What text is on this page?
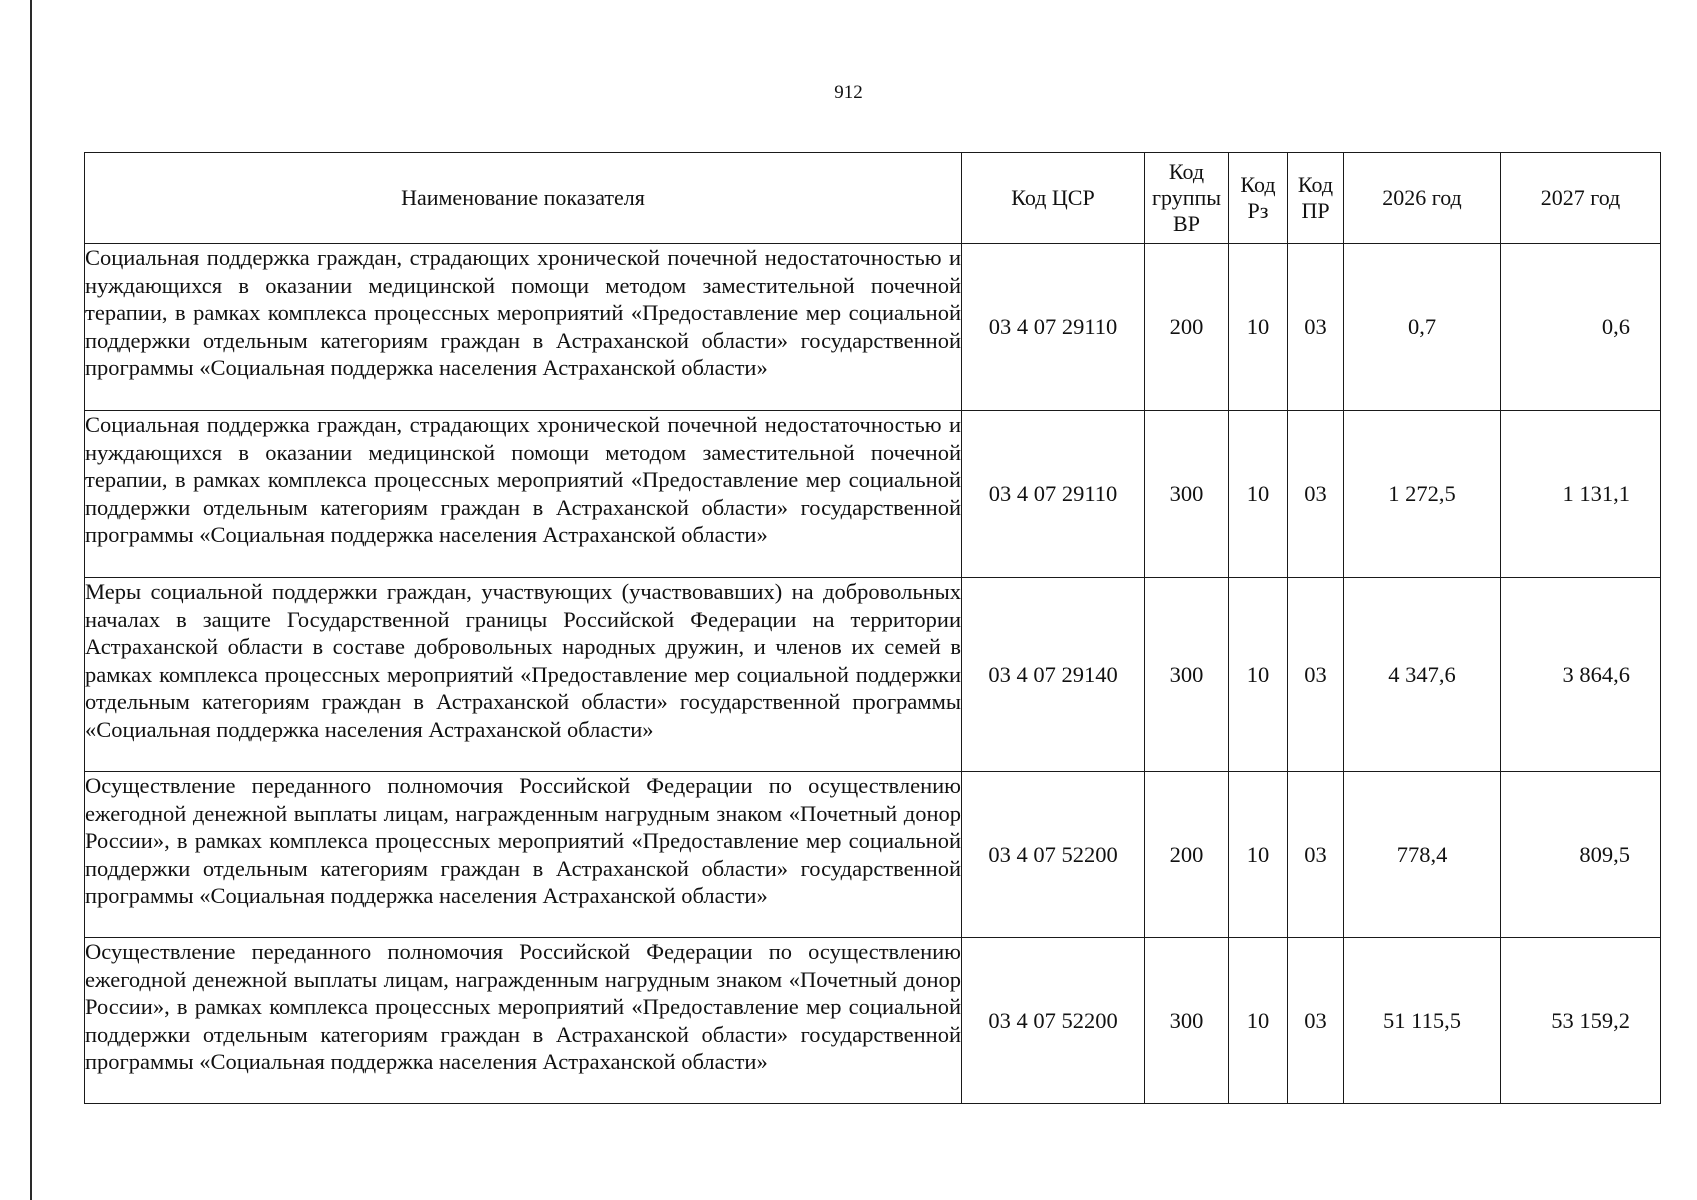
912
Наименование показателя	Код ЦСР	Код группы ВР	Код Рз	Код ПР	2026 год	2027 год
Социальная поддержка граждан, страдающих хронической почечной недостаточностью и нуждающихся в оказании медицинской помощи методом заместительной почечной терапии, в рамках комплекса процессных мероприятий «Предоставление мер социальной поддержки отдельным категориям граждан в Астраханской области» государственной программы «Социальная поддержка населения Астраханской области»	03 4 07 29110	200	10	03	0,7	0,6
Социальная поддержка граждан, страдающих хронической почечной недостаточностью и нуждающихся в оказании медицинской помощи методом заместительной почечной терапии, в рамках комплекса процессных мероприятий «Предоставление мер социальной поддержки отдельным категориям граждан в Астраханской области» государственной программы «Социальная поддержка населения Астраханской области»	03 4 07 29110	300	10	03	1 272,5	1 131,1
Меры социальной поддержки граждан, участвующих (участвовавших) на добровольных началах в защите Государственной границы Российской Федерации на территории Астраханской области в составе добровольных народных дружин, и членов их семей в рамках комплекса процессных мероприятий «Предоставление мер социальной поддержки отдельным категориям граждан в Астраханской области» государственной программы «Социальная поддержка населения Астраханской области»	03 4 07 29140	300	10	03	4 347,6	3 864,6
Осуществление переданного полномочия Российской Федерации по осуществлению ежегодной денежной выплаты лицам, награжденным нагрудным знаком «Почетный донор России», в рамках комплекса процессных мероприятий «Предоставление мер социальной поддержки отдельным категориям граждан в Астраханской области» государственной программы «Социальная поддержка населения Астраханской области»	03 4 07 52200	200	10	03	778,4	809,5
Осуществление переданного полномочия Российской Федерации по осуществлению ежегодной денежной выплаты лицам, награжденным нагрудным знаком «Почетный донор России», в рамках комплекса процессных мероприятий «Предоставление мер социальной поддержки отдельным категориям граждан в Астраханской области» государственной программы «Социальная поддержка населения Астраханской области»	03 4 07 52200	300	10	03	51 115,5	53 159,2
